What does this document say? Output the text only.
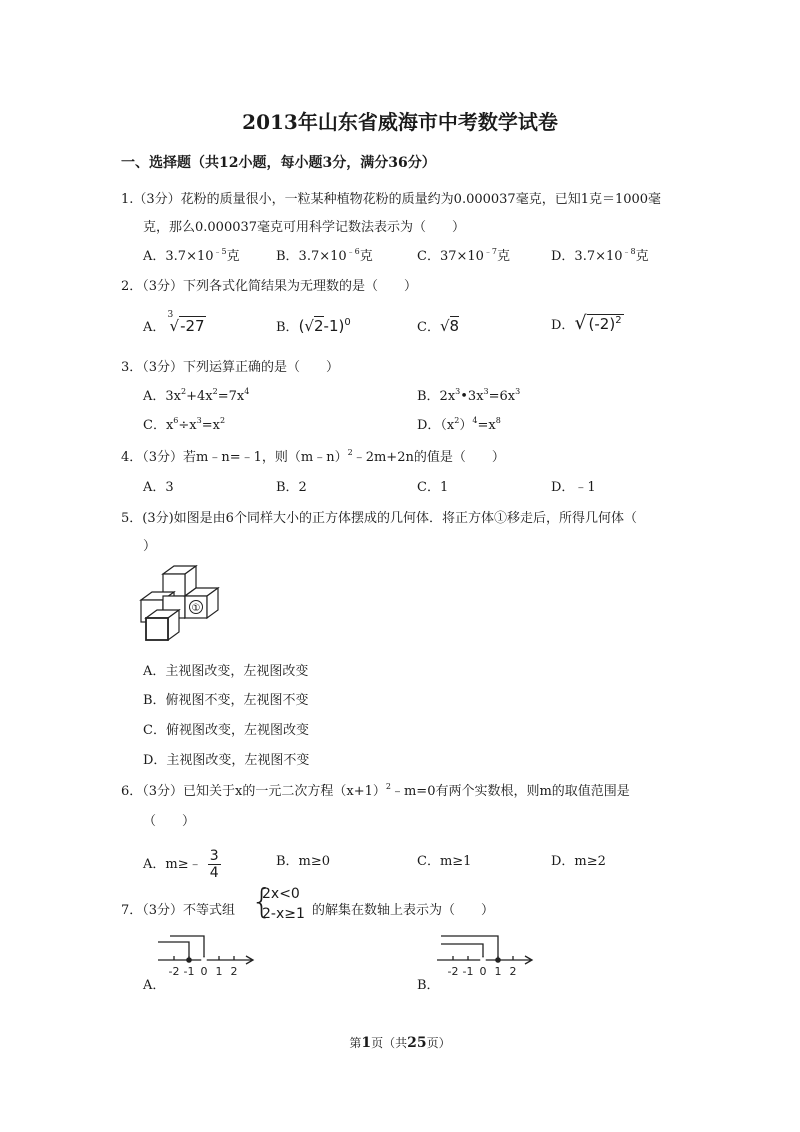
2013年山东省威海市中考数学试卷
一、选择题（共12小题，每小题3分，满分36分）
1.（3分）花粉的质量很小，一粒某种植物花粉的质量约为0.000037毫克，已知1克＝1000毫
克，那么0.000037毫克可用科学记数法表示为（　　）
A．$3.7\times 10^{﹣5}$克	B．$3.7\times 10^{﹣6}$克	C．$37\times 10^{﹣7}$克	D．$3.7\times 10^{﹣8}$克
2．（3分）下列各式化简结果为无理数的是（　　）
A．
3
√-27	B．$(√2-1)^0$	C．√8	D．√ $(-2)^2$
3．（3分）下列运算正确的是（　　）
A．$3x^2+4x^2=7x^4$	B．$2x^3•3x^3=6x^3$
C．$x^6\div x^3=x^2$	D．$(x^2)^4=x^8$
4．（3分）若m﹣n=﹣1，则（m﹣n）$^2$﹣2m+2n的值是（　　）
A．3	B．2	C．1	D．﹣1
5．(3分)如图是由6个同样大小的正方体摆成的几何体．将正方体①移走后，所得几何体（
）
①
A．主视图改变，左视图改变
B．俯视图不变，左视图不变
C．俯视图改变，左视图改变
D．主视图改变，左视图不变
6．（3分）已知关于x的一元二次方程$(x+1)^2﹣m=0$有两个实数根，则m的取值范围是
（　　）
A．m≥﹣ $\frac{3}{4}$	B．m≥0	C．m≥1	D．m≥2
7．（3分）不等式组 {
2x<0
2-x≥1 的解集在数轴上表示为（　　）
-2 -1 0 1 2
A．
-2 -1 0 1 2
B．
第1页（共25页）
